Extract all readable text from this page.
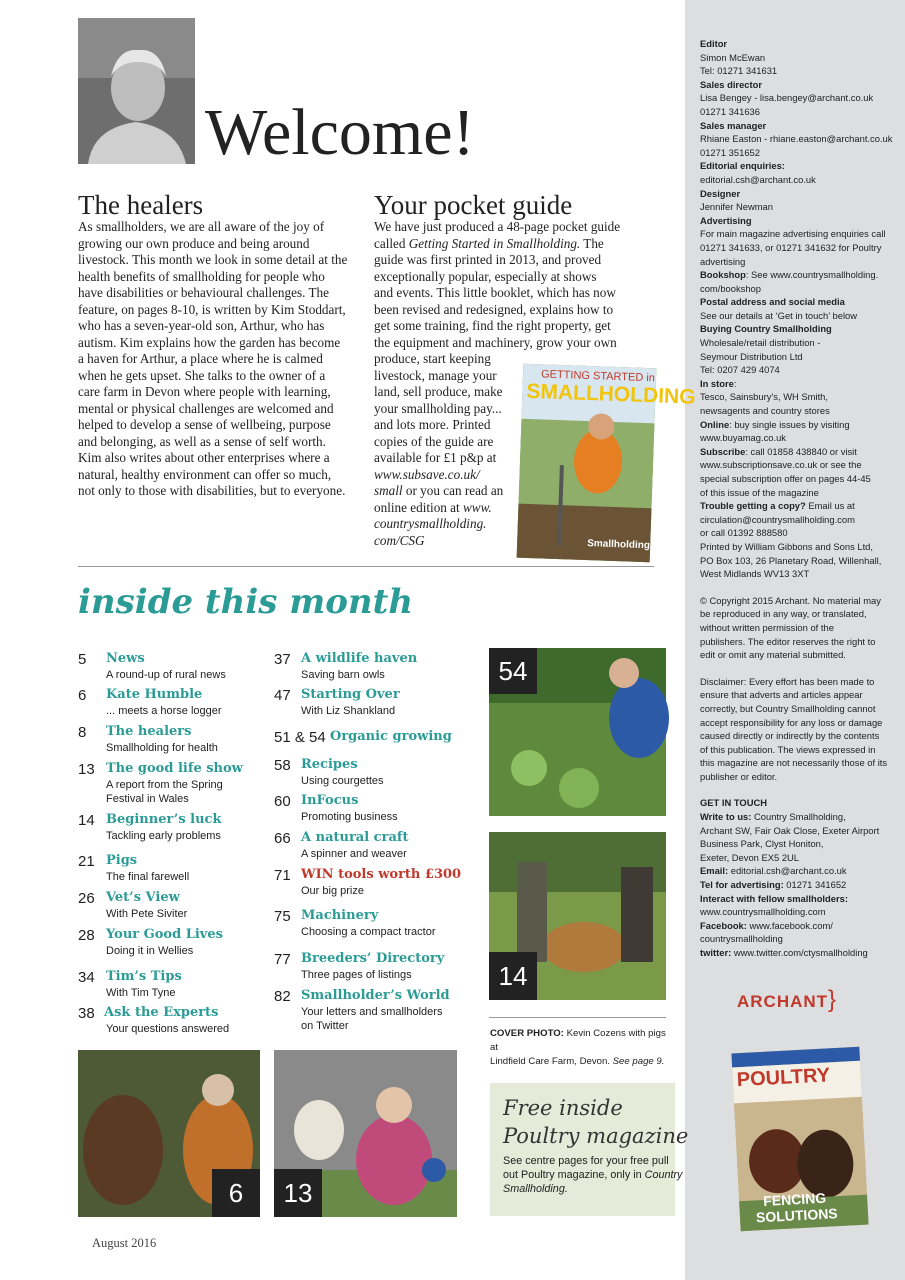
Editor
Simon McEwan
Tel: 01271 341631
Sales director
Lisa Bengey - lisa.bengey@archant.co.uk
01271 341636
Sales manager
Rhiane Easton - rhiane.easton@archant.co.uk
01271 351652
Editorial enquiries:
editorial.csh@archant.co.uk
Designer
Jennifer Newman
Advertising
For main magazine advertising enquiries call
01271 341633, or 01271 341632 for Poultry
advertising
Bookshop: See www.countrysmallholding.
com/bookshop
Postal address and social media
See our details at ‘Get in touch’ below
Buying Country Smallholding
Wholesale/retail distribution -
Seymour Distribution Ltd
Tel: 0207 429 4074
In store:
Tesco, Sainsbury’s, WH Smith,
newsagents and country stores
Online: buy single issues by visiting
www.buyamag.co.uk
Subscribe: call 01858 438840 or visit
www.subscriptionsave.co.uk or see the
special subscription offer on pages 44-45
of this issue of the magazine
Trouble getting a copy? Email us at
circulation@countrysmallholding.com
or call 01392 888580
Printed by William Gibbons and Sons Ltd,
PO Box 103, 26 Planetary Road, Willenhall,
West Midlands WV13 3XT
© Copyright 2015 Archant. No material may
be reproduced in any way, or translated,
without written permission of the
publishers. The editor reserves the right to
edit or omit any material submitted.
Disclaimer: Every effort has been made to
ensure that adverts and articles appear
correctly, but Country Smallholding cannot
accept responsibility for any loss or damage
caused directly or indirectly by the contents
of this publication. The views expressed in
this magazine are not necessarily those of its
publisher or editor.
GET IN TOUCH
Write to us: Country Smallholding,
Archant SW, Fair Oak Close, Exeter Airport
Business Park, Clyst Honiton,
Exeter, Devon EX5 2UL
Email: editorial.csh@archant.co.uk
Tel for advertising: 01271 341652
Interact with fellow smallholders:
www.countrysmallholding.com
Facebook: www.facebook.com/
countrysmallholding
twitter: www.twitter.com/ctysmallholding
ARCHANT}
Welcome!
The healers
As smallholders, we are all aware of the joy of growing our own produce and being around livestock. This month we look in some detail at the health benefits of smallholding for people who have disabilities or behavioural challenges. The feature, on pages 8-10, is written by Kim Stoddart, who has a seven-year-old son, Arthur, who has autism. Kim explains how the garden has become a haven for Arthur, a place where he is calmed when he gets upset. She talks to the owner of a care farm in Devon where people with learning, mental or physical challenges are welcomed and helped to develop a sense of wellbeing, purpose and belonging, as well as a sense of self worth. Kim also writes about other enterprises where a natural, healthy environment can offer so much, not only to those with disabilities, but to everyone.
Your pocket guide
We have just produced a 48-page pocket guide
called Getting Started in Smallholding. The
guide was first printed in 2013, and proved
exceptionally popular, especially at shows
and events. This little booklet, which has now
been revised and redesigned, explains how to
get some training, find the right property, get
the equipment and machinery, grow your own
produce, start keeping
livestock, manage your
land, sell produce, make
your smallholding pay...
and lots more. Printed
copies of the guide are
available for £1 p&p at
www.subsave.co.uk/
small or you can read an
online edition at www.
countrysmallholding.
com/CSG
GETTING STARTED in
SMALLHOLDING
Smallholding
inside this month
5 News
A round-up of rural news
6 Kate Humble
... meets a horse logger
8 The healers
Smallholding for health
13 The good life show
A report from the Spring
Festival in Wales
14 Beginner’s luck
Tackling early problems
21 Pigs
The final farewell
26 Vet’s View
With Pete Siviter
28 Your Good Lives
Doing it in Wellies
34 Tim’s Tips
With Tim Tyne
38 Ask the Experts
Your questions answered
37 A wildlife haven
Saving barn owls
47 Starting Over
With Liz Shankland
51 & 54 Organic growing
58 Recipes
Using courgettes
60 InFocus
Promoting business
66 A natural craft
A spinner and weaver
71 WIN tools worth £300
Our big prize
75 Machinery
Choosing a compact tractor
77 Breeders’ Directory
Three pages of listings
82 Smallholder’s World
Your letters and smallholders
on Twitter
54
14
6	13
COVER PHOTO: Kevin Cozens with pigs at
Lindfield Care Farm, Devon. See page 9.
Free inside
Poultry magazine
See centre pages for your free pull
out Poultry magazine, only in Country
Smallholding.
POULTRY
FENCING
SOLUTIONS
August 2016
